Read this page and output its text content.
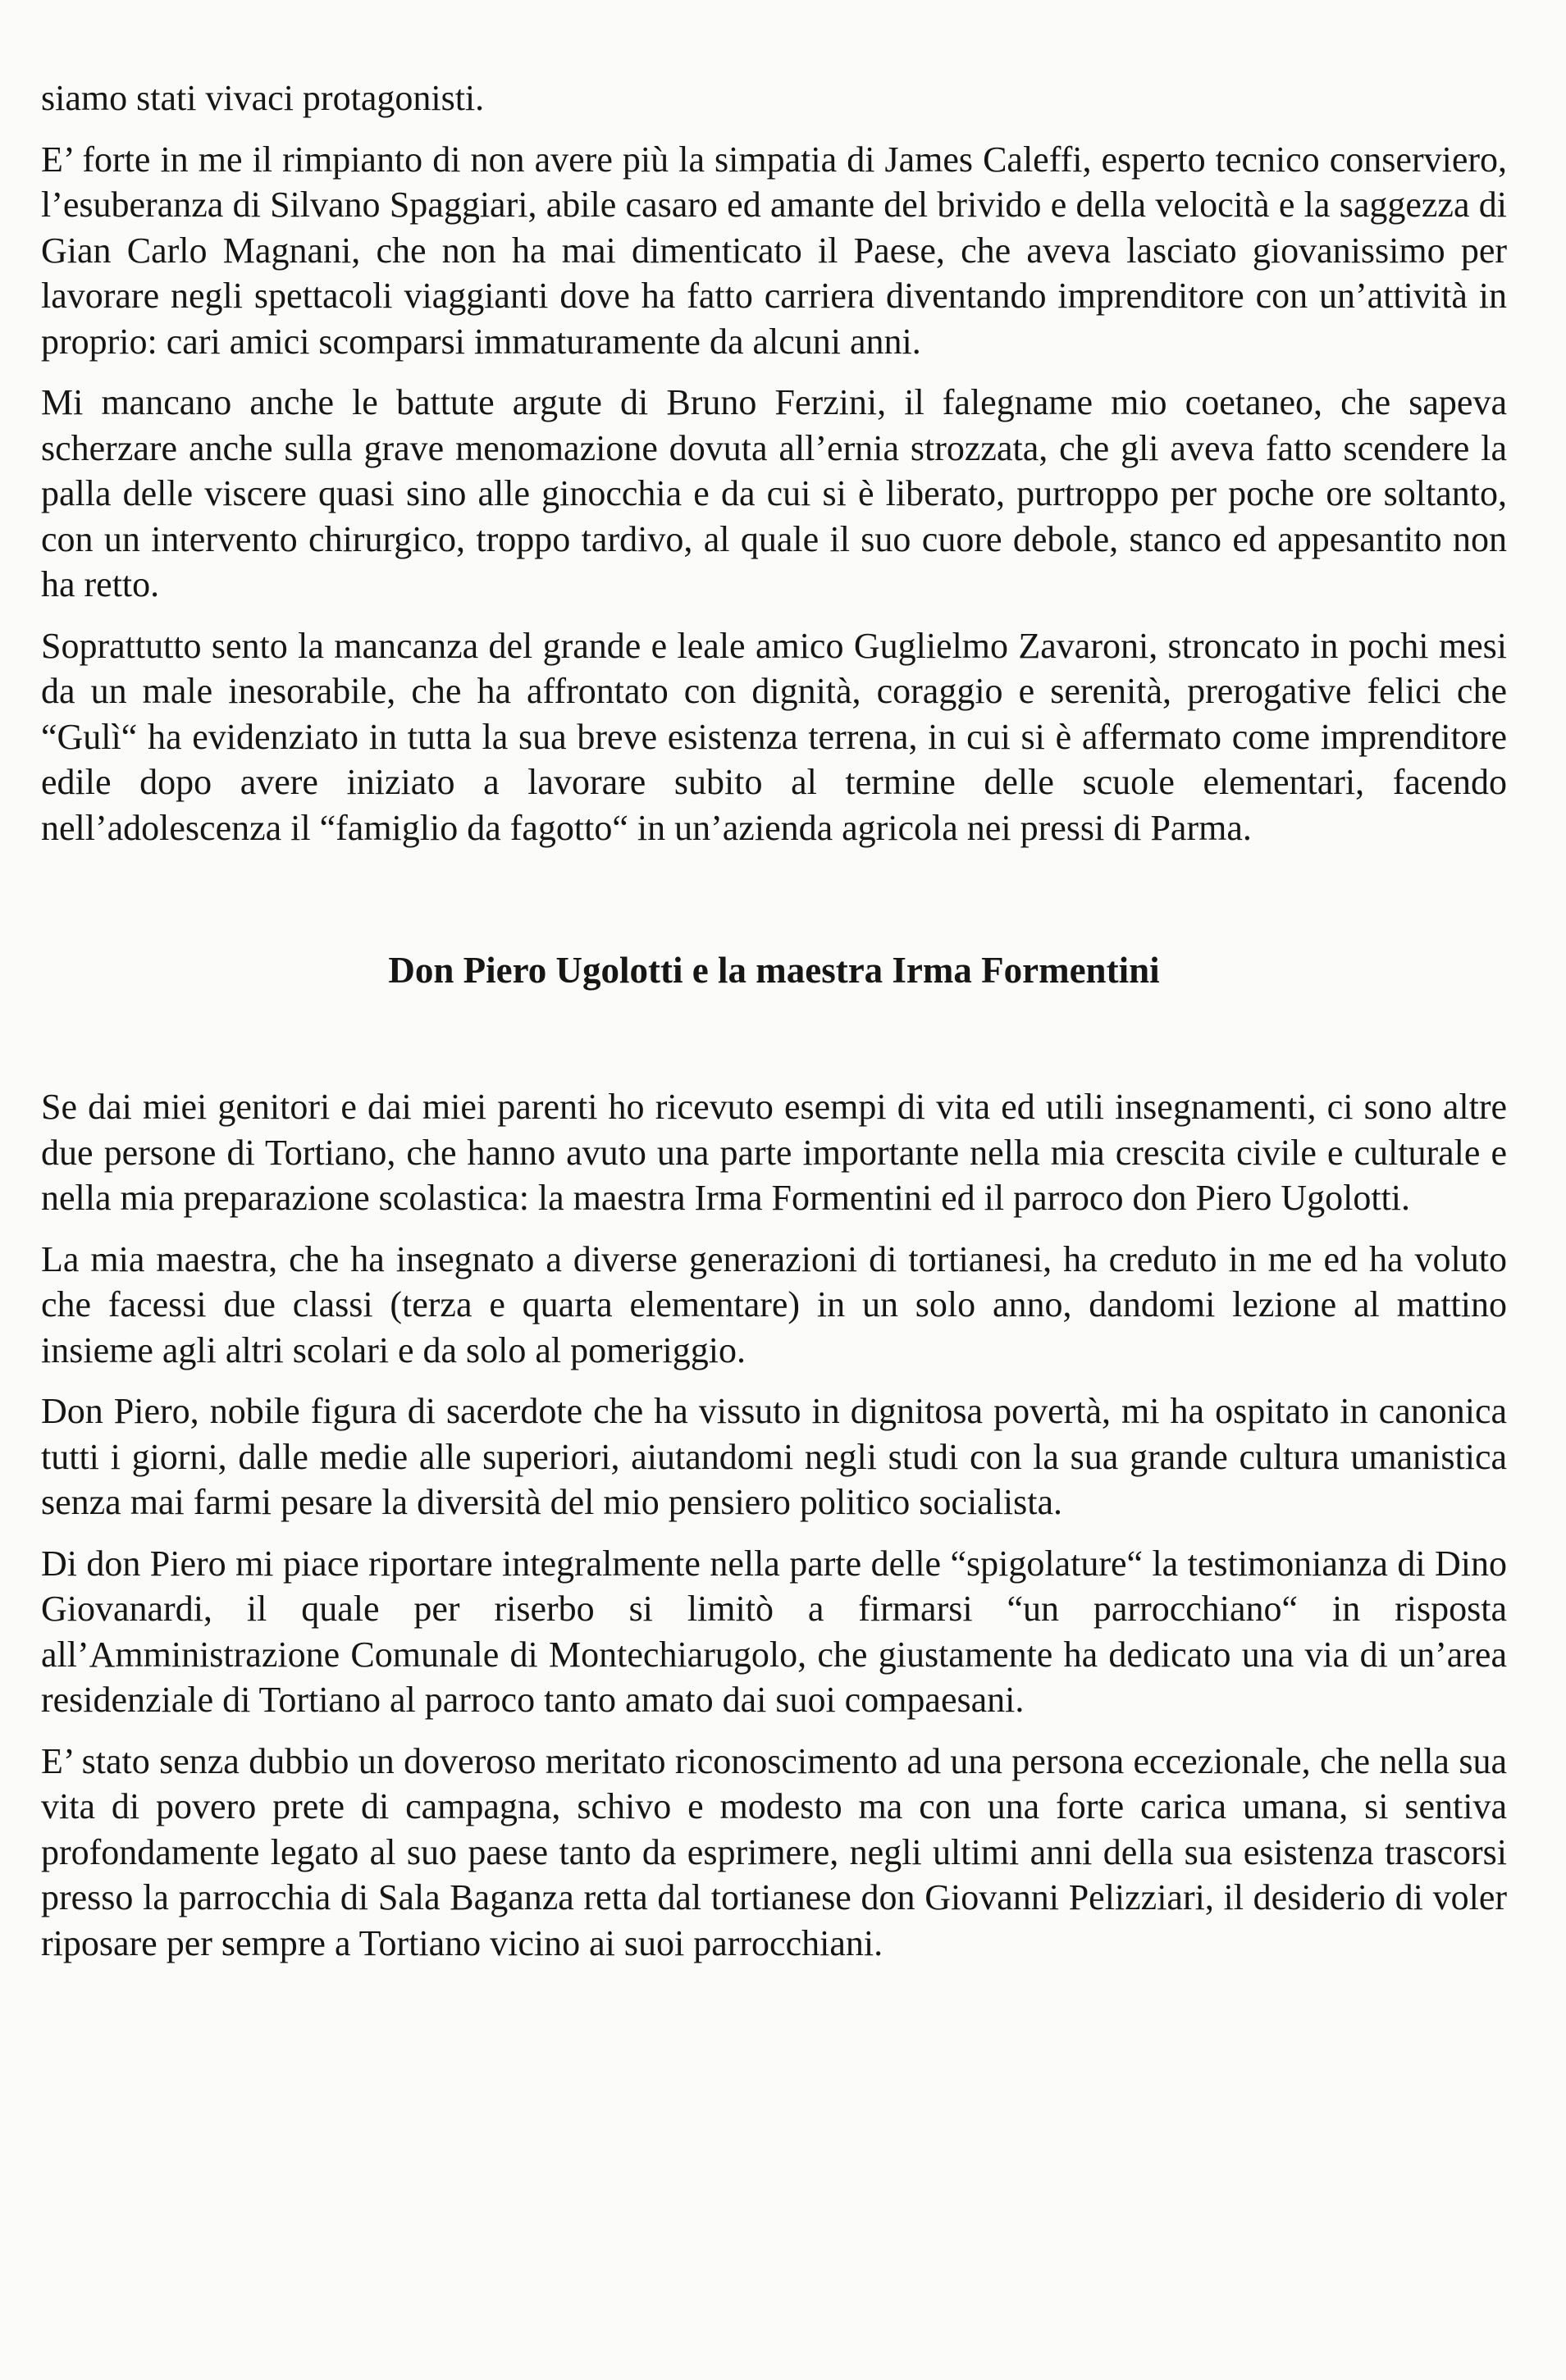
siamo stati vivaci protagonisti.

E’ forte in me il rimpianto di non avere più la simpatia di James Caleffi, esperto tecnico conserviero, l’esuberanza di Silvano Spaggiari, abile casaro ed amante del brivido e della velocità e la saggezza di Gian Carlo Magnani, che non ha mai dimenticato il Paese, che aveva lasciato giovanissimo per lavorare negli spettacoli viaggianti dove ha fatto carriera diventando imprenditore con un’attività in proprio: cari amici scomparsi immaturamente da alcuni anni.

Mi mancano anche le battute argute di Bruno Ferzini, il falegname mio coetaneo, che sapeva scherzare anche sulla grave menomazione dovuta all’ernia strozzata, che gli aveva fatto scendere la palla delle viscere quasi sino alle ginocchia e da cui si è liberato, purtroppo per poche ore soltanto, con un intervento chirurgico, troppo tardivo, al quale il suo cuore debole, stanco ed appesantito non ha retto.

Soprattutto sento la mancanza del grande e leale amico Guglielmo Zavaroni, stroncato in pochi mesi da un male inesorabile, che ha affrontato con dignità, coraggio e serenità, prerogative felici che “Gulì“ ha evidenziato in tutta la sua breve esistenza terrena, in cui si è affermato come imprenditore edile dopo avere iniziato a lavorare subito al termine delle scuole elementari, facendo nell’adolescenza il “famiglio da fagotto“ in un’azienda agricola nei pressi di Parma.

Don Piero Ugolotti e la maestra Irma Formentini

Se dai miei genitori e dai miei parenti ho ricevuto esempi di vita ed utili insegnamenti, ci sono altre due persone di Tortiano, che hanno avuto una parte importante nella mia crescita civile e culturale e nella mia preparazione scolastica: la maestra Irma Formentini ed il parroco don Piero Ugolotti.

La mia maestra, che ha insegnato a diverse generazioni di tortianesi, ha creduto in me ed ha voluto che facessi due classi (terza e quarta elementare) in un solo anno, dandomi lezione al mattino insieme agli altri scolari e da solo al pomeriggio.

Don Piero, nobile figura di sacerdote che ha vissuto in dignitosa povertà, mi ha ospitato in canonica tutti i giorni, dalle medie alle superiori, aiutandomi negli studi con la sua grande cultura umanistica senza mai farmi pesare la diversità del mio pensiero politico socialista.

Di don Piero mi piace riportare integralmente nella parte delle “spigolature“ la testimonianza di Dino Giovanardi, il quale per riserbo si limitò a firmarsi “un parrocchiano“ in risposta all’Amministrazione Comunale di Montechiarugolo, che giustamente ha dedicato una via di un’area residenziale di Tortiano al parroco tanto amato dai suoi compaesani.

E’ stato senza dubbio un doveroso meritato riconoscimento ad una persona eccezionale, che nella sua vita di povero prete di campagna, schivo e modesto ma con una forte carica umana, si sentiva profondamente legato al suo paese tanto da esprimere, negli ultimi anni della sua esistenza trascorsi presso la parrocchia di Sala Baganza retta dal tortianese don Giovanni Pelizziari, il desiderio di voler riposare per sempre a Tortiano vicino ai suoi parrocchiani.
